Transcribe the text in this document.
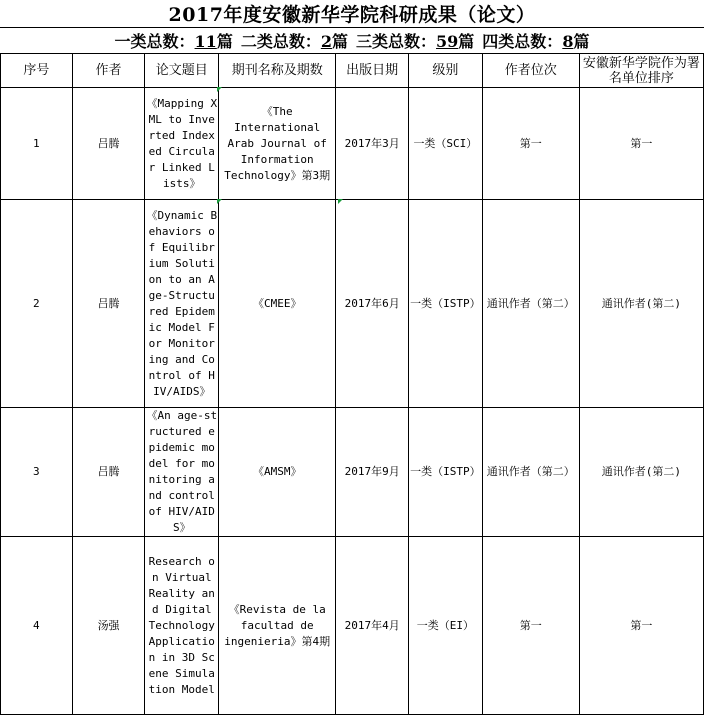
2017年度安徽新华学院科研成果（论文）
一类总数：11篇 二类总数：2篇 三类总数：59篇 四类总数：8篇
序号	作者	论文题目	期刊名称及期数	出版日期	级别	作者位次	安徽新华学院作为署名单位排序
1	吕腾	《Mapping XML to Inverted Indexed Circular Linked Lists》	《The International Arab Journal of Information Technology》第3期	2017年3月	一类（SCI）	第一	第一
2	吕腾	《Dynamic Behaviors of Equilibrium Solution to an Age-Structured Epidemic Model For Monitoring and Control of HIV/AIDS》	《CMEE》	2017年6月	一类（ISTP）	通讯作者（第二）	通讯作者(第二)
3	吕腾	《An age-structured epidemic model for monitoring and control of HIV/AIDS》	《AMSM》	2017年9月	一类（ISTP）	通讯作者（第二）	通讯作者(第二)
4	汤强	Research on Virtual Reality and Digital Technology Application in 3D Scene Simulation Model	《Revista de la facultad de ingenieria》第4期	2017年4月	一类（EI）	第一	第一
